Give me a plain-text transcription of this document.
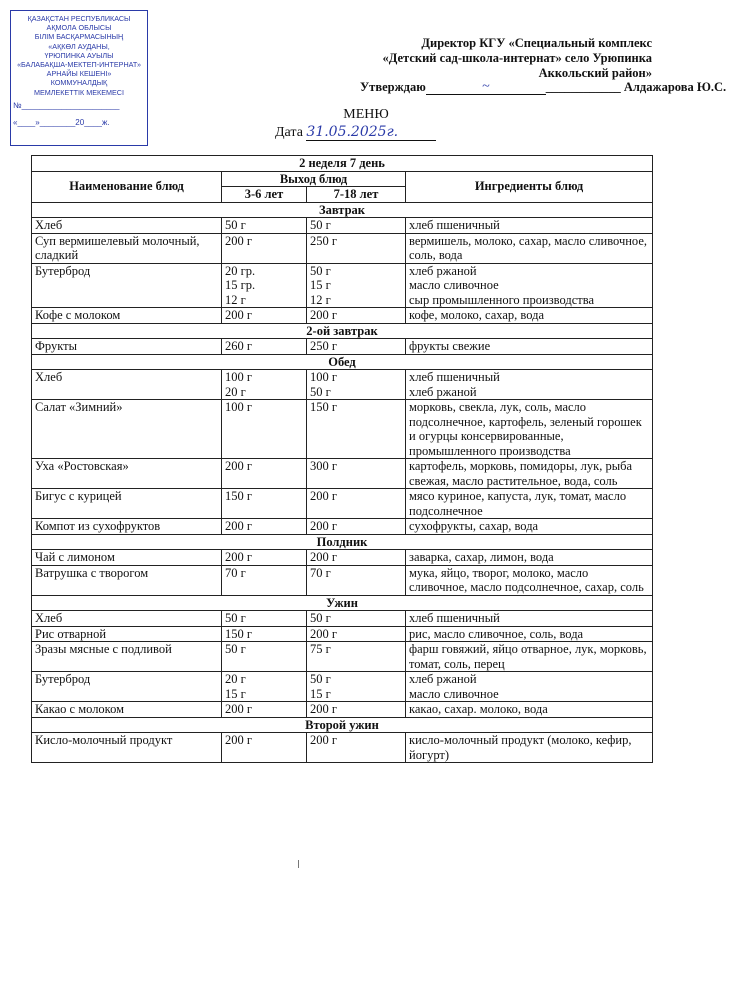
ҚАЗАҚСТАН РЕСПУБЛИКАСЫ
АҚМОЛА ОБЛЫСЫ
БІЛІМ БАСҚАРМАСЫНЫҢ
«АҚКӨЛ АУДАНЫ,
ҮРЮПИНКА АУЫЛЫ
«БАЛАБАҚША-МЕКТЕП-ИНТЕРНАТ»
АРНАЙЫ КЕШЕНІ»
КОММУНАЛДЫҚ
МЕМЛЕКЕТТІК МЕКЕМЕСІ
№______________________
«____»________20____ж.
Директор КГУ «Специальный комплекс
«Детский сад-школа-интернат» село Урюпинка
Аккольский район»
Утверждаю	~	____________ Алдажарова Ю.С.
МЕНЮ
Дата 31.05.2025г.
2 неделя 7 день			
Наименование блюд	Выход блюд		Ингредиенты блюд
	3-6 лет	7-18 лет	
Завтрак			
Хлеб	50 г	50 г	хлеб пшеничный
Суп вермишелевый молочный, сладкий	200 г	250 г	вермишель, молоко, сахар, масло сливочное, соль, вода
Бутерброд	20 гр.
15 гр.
12 г	50 г
15 г
12 г	хлеб ржаной
масло сливочное
сыр промышленного производства
Кофе с молоком	200 г	200 г	кофе, молоко, сахар, вода
2-ой завтрак			
Фрукты	260 г	250 г	фрукты свежие
Обед			
Хлеб	100 г
20 г	100 г
50 г	хлеб пшеничный
хлеб ржаной
Салат «Зимний»	100 г	150 г	морковь, свекла, лук, соль, масло подсолнечное, картофель, зеленый горошек и огурцы консервированные, промышленного производства
Уха «Ростовская»	200 г	300 г	картофель, морковь, помидоры, лук, рыба свежая, масло растительное, вода, соль
Бигус с курицей	150 г	200 г	мясо куриное, капуста, лук, томат, масло подсолнечное
Компот из сухофруктов	200 г	200 г	сухофрукты, сахар, вода
Полдник			
Чай с лимоном	200 г	200 г	заварка, сахар, лимон, вода
Ватрушка с творогом	70 г	70 г	мука, яйцо, творог, молоко, масло сливочное, масло подсолнечное, сахар, соль
Ужин			
Хлеб	50 г	50 г	хлеб пшеничный
Рис отварной	150 г	200 г	рис, масло сливочное, соль, вода
Зразы мясные с подливой	50 г	75 г	фарш говяжий, яйцо отварное, лук, морковь, томат, соль, перец
Бутерброд	20 г
15 г	50 г
15 г	хлеб ржаной
масло сливочное
Какао с молоком	200 г	200 г	какао, сахар. молоко, вода
Второй ужин			
Кисло-молочный продукт	200 г	200 г	кисло-молочный продукт (молоко, кефир, йогурт)
